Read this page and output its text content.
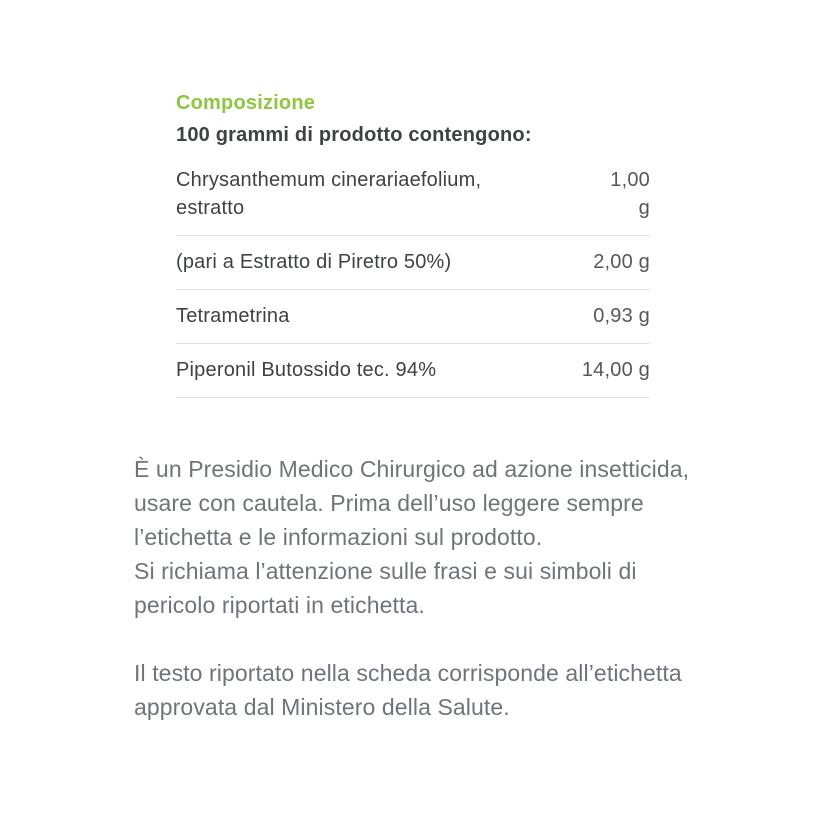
Composizione

100 grammi di prodotto contengono:

Chrysanthemum cinerariaefolium, estratto
1,00 g
(pari a Estratto di Piretro 50%)	2,00 g
Tetrametrina	0,93 g
Piperonil Butossido tec. 94%	14,00 g

È un Presidio Medico Chirurgico ad azione insetticida, usare con cautela. Prima dell’uso leggere sempre l’etichetta e le informazioni sul prodotto.

Si richiama l’attenzione sulle frasi e sui simboli di pericolo riportati in etichetta.

Il testo riportato nella scheda corrisponde all’etichetta approvata dal Ministero della Salute.
